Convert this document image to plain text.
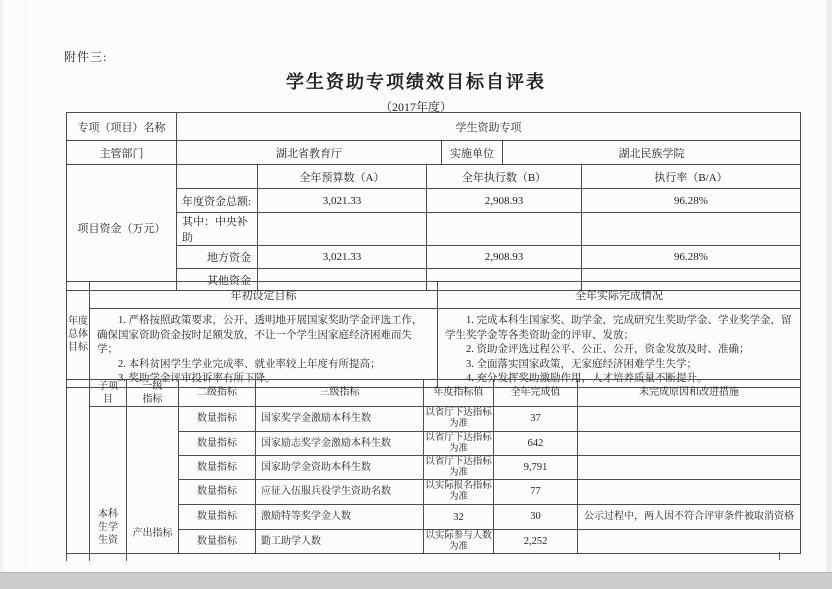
附件三:
学生资助专项绩效目标自评表
（2017年度）
专项（项目）名称	学生资助专项		
主管部门	湖北省教育厅	实施单位	湖北民族学院
项目资金（万元）		全年预算数（A）	全年执行数（B）	执行率（B/A）
	年度资金总额:	3,021.33	2,908.93	96.28%
	其中：中央补助			
	地方资金	3,021.33	2,908.93	96.28%
	其他资金			
年度总体目标	年初设定目标	全年实际完成情况

1. 严格按照政策要求，公开、透明地开展国家奖助学金评选工作，确保国家资助资金按时足额发放，不让一个学生因家庭经济困难而失学；
2. 本科贫困学生学业完成率、就业率较上年度有所提高；
3. 奖助学金评审投诉率有所下降。

1. 完成本科生国家奖、助学金，完成研究生奖助学金、学业奖学金，留学生奖学金等各类资助金的评审、发放；
2. 资助金评选过程公平、公正、公开，资金发放及时、准确；
3. 全面落实国家政策，无家庭经济困难学生失学；
4. 充分发挥奖助激励作用，人才培养质量不断提升。

	子项目	一级指标	二级指标	三级指标	年度指标值	全年完成值	未完成原因和改进措施

	本科生学生资	产出指标	数量指标	国家奖学金激励本科生数	以省厅下达指标为准	37	
			数量指标	国家励志奖学金激励本科生数	以省厅下达指标为准	642	
			数量指标	国家助学金资助本科生数	以省厅下达指标为准	9,791	
			数量指标	应征入伍服兵役学生资助名数	以实际报名指标为准	77	
			数量指标	激励特等奖学金人数	32	30	公示过程中，两人因不符合评审条件被取消资格
			数量指标	勤工助学人数	以实际参与人数为准	2,252	
